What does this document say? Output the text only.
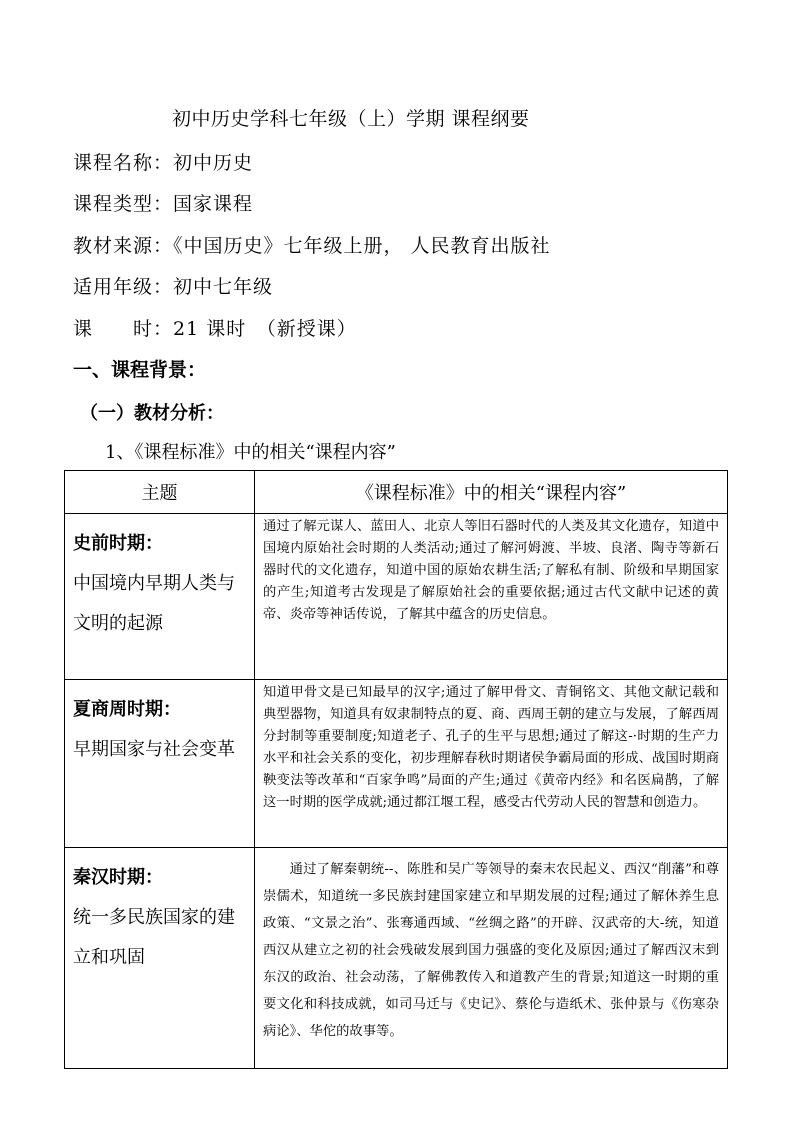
初中历史学科七年级（上）学期 课程纲要
课程名称：初中历史
课程类型：国家课程
教材来源：《中国历史》七年级上册， 人民教育出版社
适用年级：初中七年级
课　　时：21 课时　（新授课）
一、课程背景：
（一）教材分析：
1、《课程标准》中的相关“课程内容”
主题	《课程标准》中的相关“课程内容”

史前时期：
中国境内早期人类与文明的起源	通过了解元谋人、蓝田人、北京人等旧石器时代的人类及其文化遗存，知道中国境内原始社会时期的人类活动;通过了解河姆渡、半坡、良渚、陶寺等新石器时代的文化遗存，知道中国的原始农耕生活;了解私有制、阶级和早期国家的产生;知道考古发现是了解原始社会的重要依据;通过古代文献中记述的黄帝、炎帝等神话传说，了解其中蕴含的历史信息。

夏商周时期：
早期国家与社会变革	知道甲骨文是已知最早的汉字;通过了解甲骨文、青铜铭文、其他文献记载和典型器物，知道具有奴隶制特点的夏、商、西周王朝的建立与发展，了解西周分封制等重要制度;知道老子、孔子的生平与思想;通过了解这-·时期的生产力水平和社会关系的变化，初步理解春秋时期诸侯争霸局面的形成、战国时期商鞅变法等改革和“百家争鸣”局面的产生;通过《黄帝内经》和名医扁鹊，了解这一时期的医学成就;通过都江堰工程，感受古代劳动人民的智慧和创造力。

秦汉时期：
统一多民族国家的建立和巩固	通过了解秦朝统--、陈胜和吴广等领导的秦末农民起义、西汉“削藩”和尊崇儒术，知道统一多民族封建国家建立和早期发展的过程;通过了解休养生息政策、“文景之治”、张骞通西域、“丝绸之路”的开辟、汉武帝的大-统，知道西汉从建立之初的社会残破发展到国力强盛的变化及原因;通过了解西汉末到东汉的政治、社会动荡，了解佛教传入和道教产生的背景;知道这一时期的重要文化和科技成就，如司马迁与《史记》、蔡伦与造纸术、张仲景与《伤寒杂病论》、华佗的故事等。
